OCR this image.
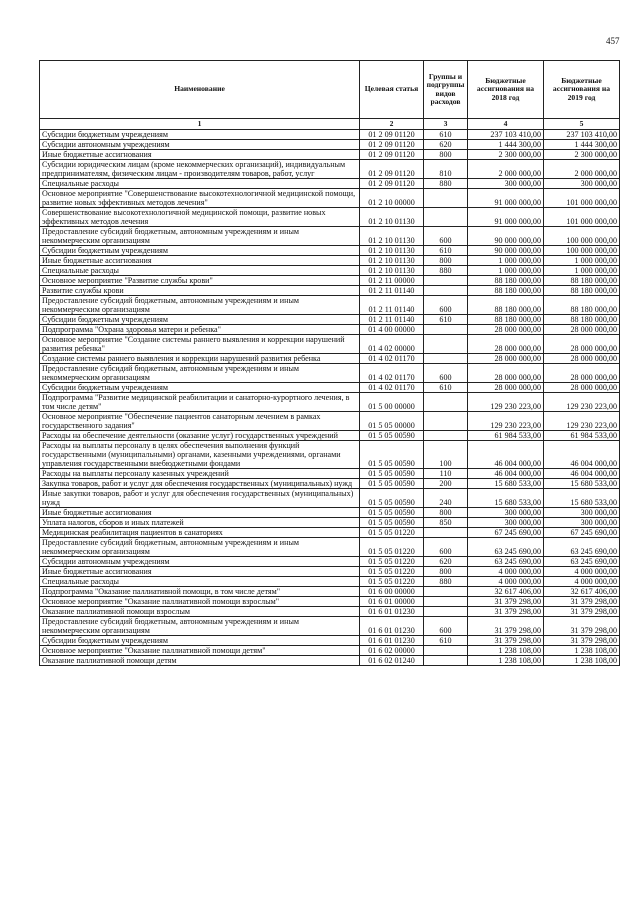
457
Наименование	Целевая статья	Группы и подгруппы видов расходов	Бюджетные ассигнования на 2018 год	Бюджетные ассигнования на 2019 год
1	2	3	4	5
Субсидии бюджетным учреждениям	01 2 09 01120	610	237 103 410,00	237 103 410,00
Субсидии автономным учреждениям	01 2 09 01120	620	1 444 300,00	1 444 300,00
Иные бюджетные ассигнования	01 2 09 01120	800	2 300 000,00	2 300 000,00
Субсидии юридическим лицам (кроме некоммерческих организаций), индивидуальным предпринимателям, физическим лицам - производителям товаров, работ, услуг	01 2 09 01120	810	2 000 000,00	2 000 000,00
Специальные расходы	01 2 09 01120	880	300 000,00	300 000,00
Основное мероприятие "Совершенствование высокотехнологичной медицинской помощи, развитие новых эффективных методов лечения"	01 2 10 00000		91 000 000,00	101 000 000,00
Совершенствование высокотехнологичной медицинской помощи, развитие новых эффективных методов лечения	01 2 10 01130		91 000 000,00	101 000 000,00
Предоставление субсидий бюджетным, автономным учреждениям и иным некоммерческим организациям	01 2 10 01130	600	90 000 000,00	100 000 000,00
Субсидии бюджетным учреждениям	01 2 10 01130	610	90 000 000,00	100 000 000,00
Иные бюджетные ассигнования	01 2 10 01130	800	1 000 000,00	1 000 000,00
Специальные расходы	01 2 10 01130	880	1 000 000,00	1 000 000,00
Основное мероприятие "Развитие службы крови"	01 2 11 00000		88 180 000,00	88 180 000,00
Развитие службы крови	01 2 11 01140		88 180 000,00	88 180 000,00
Предоставление субсидий бюджетным, автономным учреждениям и иным некоммерческим организациям	01 2 11 01140	600	88 180 000,00	88 180 000,00
Субсидии бюджетным учреждениям	01 2 11 01140	610	88 180 000,00	88 180 000,00
Подпрограмма "Охрана здоровья матери и ребенка"	01 4 00 00000		28 000 000,00	28 000 000,00
Основное мероприятие "Создание системы раннего выявления и коррекции нарушений развития ребенка"	01 4 02 00000		28 000 000,00	28 000 000,00
Создание системы раннего выявления и коррекции нарушений развития ребенка	01 4 02 01170		28 000 000,00	28 000 000,00
Предоставление субсидий бюджетным, автономным учреждениям и иным некоммерческим организациям	01 4 02 01170	600	28 000 000,00	28 000 000,00
Субсидии бюджетным учреждениям	01 4 02 01170	610	28 000 000,00	28 000 000,00
Подпрограмма "Развитие медицинской реабилитации и санаторно-курортного лечения, в том числе детям"	01 5 00 00000		129 230 223,00	129 230 223,00
Основное мероприятие "Обеспечение пациентов санаторным лечением в рамках государственного задания"	01 5 05 00000		129 230 223,00	129 230 223,00
Расходы на обеспечение деятельности (оказание услуг) государственных учреждений	01 5 05 00590		61 984 533,00	61 984 533,00
Расходы на выплаты персоналу в целях обеспечения выполнения функций государственными (муниципальными) органами, казенными учреждениями, органами управления государственными внебюджетными фондами	01 5 05 00590	100	46 004 000,00	46 004 000,00
Расходы на выплаты персоналу казенных учреждений	01 5 05 00590	110	46 004 000,00	46 004 000,00
Закупка товаров, работ и услуг для обеспечения государственных (муниципальных) нужд	01 5 05 00590	200	15 680 533,00	15 680 533,00
Иные закупки товаров, работ и услуг для обеспечения государственных (муниципальных) нужд	01 5 05 00590	240	15 680 533,00	15 680 533,00
Иные бюджетные ассигнования	01 5 05 00590	800	300 000,00	300 000,00
Уплата налогов, сборов и иных платежей	01 5 05 00590	850	300 000,00	300 000,00
Медицинская реабилитация пациентов в санаториях	01 5 05 01220		67 245 690,00	67 245 690,00
Предоставление субсидий бюджетным, автономным учреждениям и иным некоммерческим организациям	01 5 05 01220	600	63 245 690,00	63 245 690,00
Субсидии автономным учреждениям	01 5 05 01220	620	63 245 690,00	63 245 690,00
Иные бюджетные ассигнования	01 5 05 01220	800	4 000 000,00	4 000 000,00
Специальные расходы	01 5 05 01220	880	4 000 000,00	4 000 000,00
Подпрограмма "Оказание паллиативной помощи, в том числе детям"	01 6 00 00000		32 617 406,00	32 617 406,00
Основное мероприятие "Оказание паллиативной помощи взрослым"	01 6 01 00000		31 379 298,00	31 379 298,00
Оказание паллиативной помощи взрослым	01 6 01 01230		31 379 298,00	31 379 298,00
Предоставление субсидий бюджетным, автономным учреждениям и иным некоммерческим организациям	01 6 01 01230	600	31 379 298,00	31 379 298,00
Субсидии бюджетным учреждениям	01 6 01 01230	610	31 379 298,00	31 379 298,00
Основное мероприятие "Оказание паллиативной помощи детям"	01 6 02 00000		1 238 108,00	1 238 108,00
Оказание паллиативной помощи детям	01 6 02 01240		1 238 108,00	1 238 108,00
